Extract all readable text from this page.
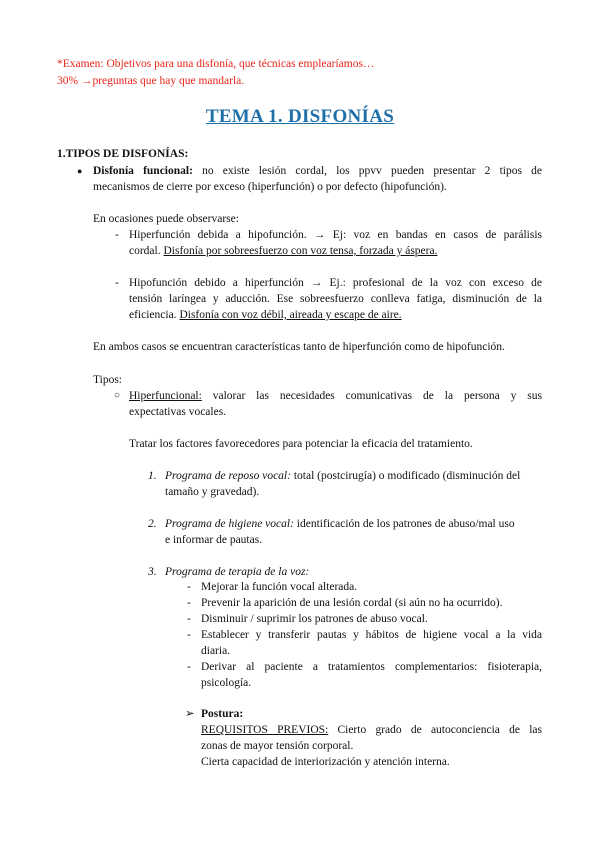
*Examen: Objetivos para una disfonía, que técnicas emplearíamos…
30% →preguntas que hay que mandarla.
TEMA 1. DISFONÍAS
1.TIPOS DE DISFONÍAS:
● Disfonía funcional: no existe lesión cordal, los ppvv pueden presentar 2 tipos de
mecanismos de cierre por exceso (hiperfunción) o por defecto (hipofunción).
En ocasiones puede observarse:
- Hiperfunción debida a hipofunción. → Ej: voz en bandas en casos de parálisis
cordal. Disfonía por sobreesfuerzo con voz tensa, forzada y áspera.
- Hipofunción debido a hiperfunción → Ej.: profesional de la voz con exceso de
tensión laríngea y aducción. Ese sobreesfuerzo conlleva fatiga, disminución de la
eficiencia. Disfonía con voz débil, aireada y escape de aire.
En ambos casos se encuentran características tanto de hiperfunción como de hipofunción.
Tipos:
○ Hiperfuncional: valorar las necesidades comunicativas de la persona y sus
expectativas vocales.
Tratar los factores favorecedores para potenciar la eficacia del tratamiento.
1. Programa de reposo vocal: total (postcirugía) o modificado (disminución del
tamaño y gravedad).
2. Programa de higiene vocal: identificación de los patrones de abuso/mal uso
e informar de pautas.
3. Programa de terapia de la voz:
- Mejorar la función vocal alterada.
- Prevenir la aparición de una lesión cordal (si aún no ha ocurrido).
- Disminuir / suprimir los patrones de abuso vocal.
- Establecer y transferir pautas y hábitos de higiene vocal a la vida
diaria.
- Derivar al paciente a tratamientos complementarios: fisioterapia,
psicología.
➢ Postura:
REQUISITOS PREVIOS: Cierto grado de autoconciencia de las
zonas de mayor tensión corporal.
Cierta capacidad de interiorización y atención interna.
